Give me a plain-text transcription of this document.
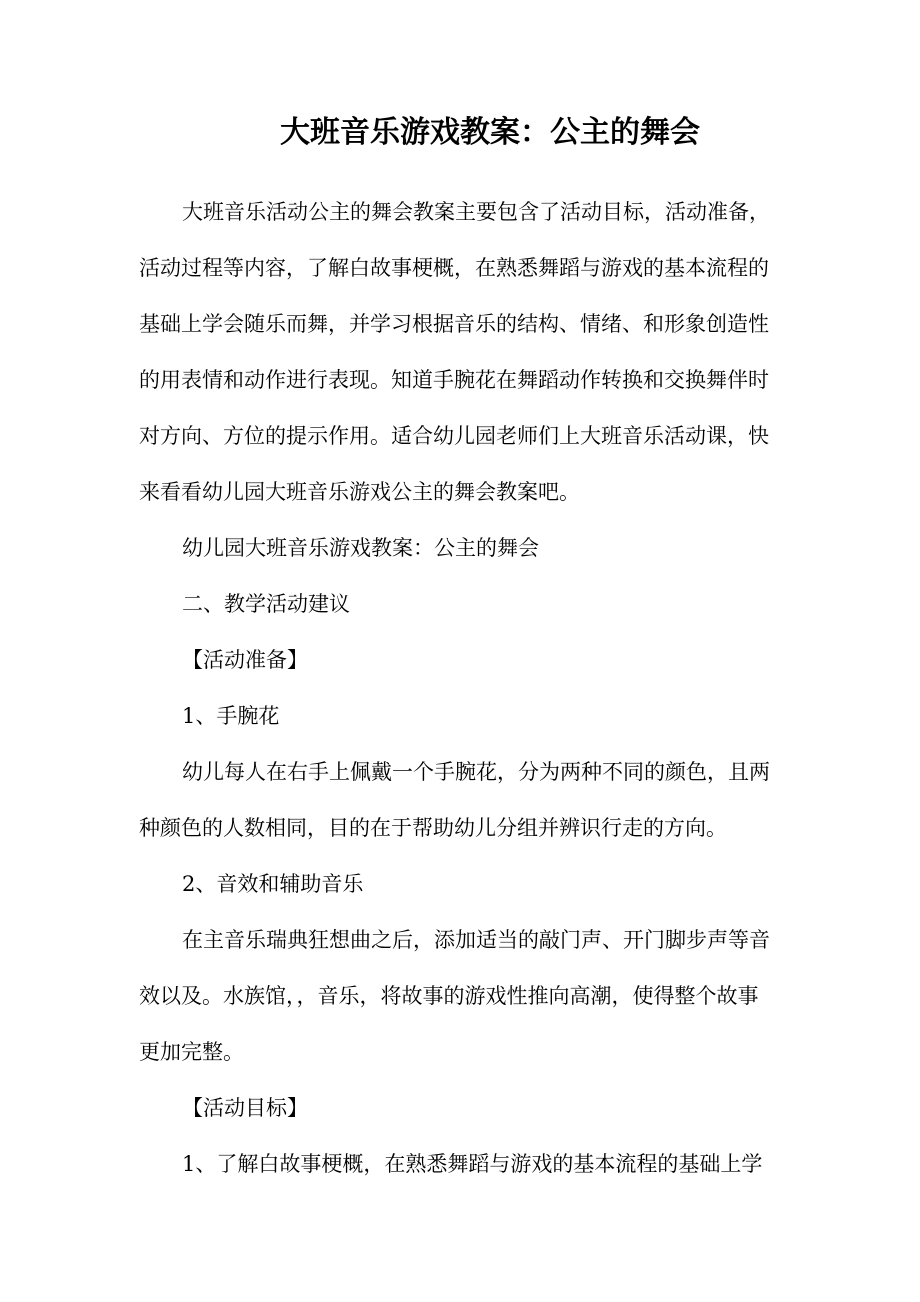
大班音乐游戏教案：公主的舞会
大班音乐活动公主的舞会教案主要包含了活动目标，活动准备，
活动过程等内容，了解白故事梗概，在熟悉舞蹈与游戏的基本流程的
基础上学会随乐而舞，并学习根据音乐的结构、情绪、和形象创造性
的用表情和动作进行表现。知道手腕花在舞蹈动作转换和交换舞伴时
对方向、方位的提示作用。适合幼儿园老师们上大班音乐活动课，快
来看看幼儿园大班音乐游戏公主的舞会教案吧。
幼儿园大班音乐游戏教案：公主的舞会
二、教学活动建议
【活动准备】
1、手腕花
幼儿每人在右手上佩戴一个手腕花，分为两种不同的颜色，且两
种颜色的人数相同，目的在于帮助幼儿分组并辨识行走的方向。
2、音效和辅助音乐
在主音乐瑞典狂想曲之后，添加适当的敲门声、开门脚步声等音
效以及。水族馆，，音乐，将故事的游戏性推向高潮，使得整个故事
更加完整。
【活动目标】
1、了解白故事梗概，在熟悉舞蹈与游戏的基本流程的基础上学
